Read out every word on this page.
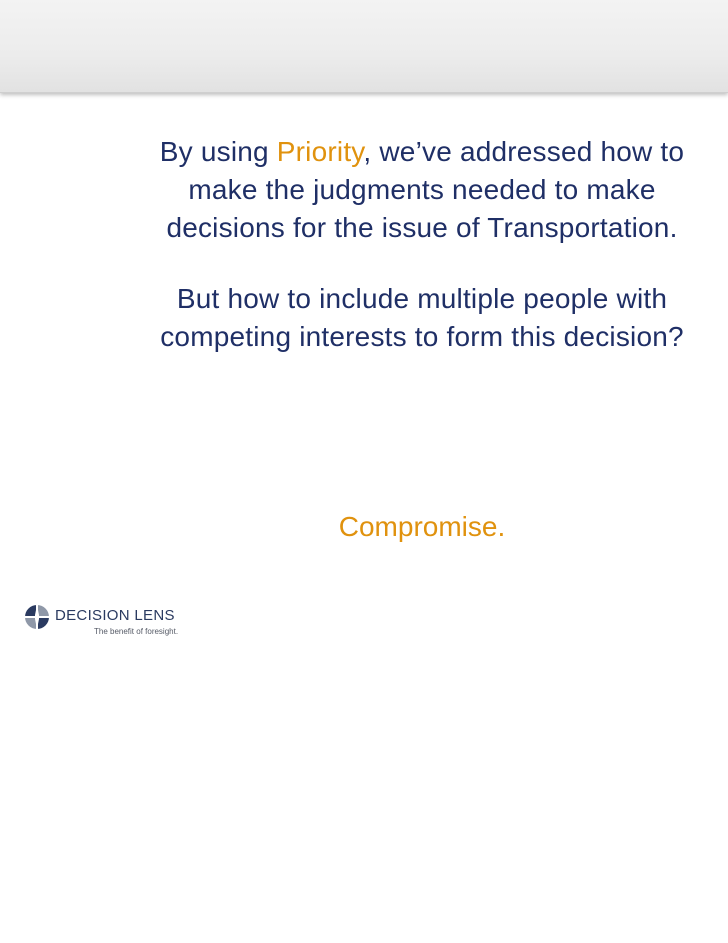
By using Priority, we’ve addressed how to make the judgments needed to make decisions for the issue of Transportation.

But how to include multiple people with competing interests to form this decision?

Compromise.
DECISION LENS
The benefit of foresight.
